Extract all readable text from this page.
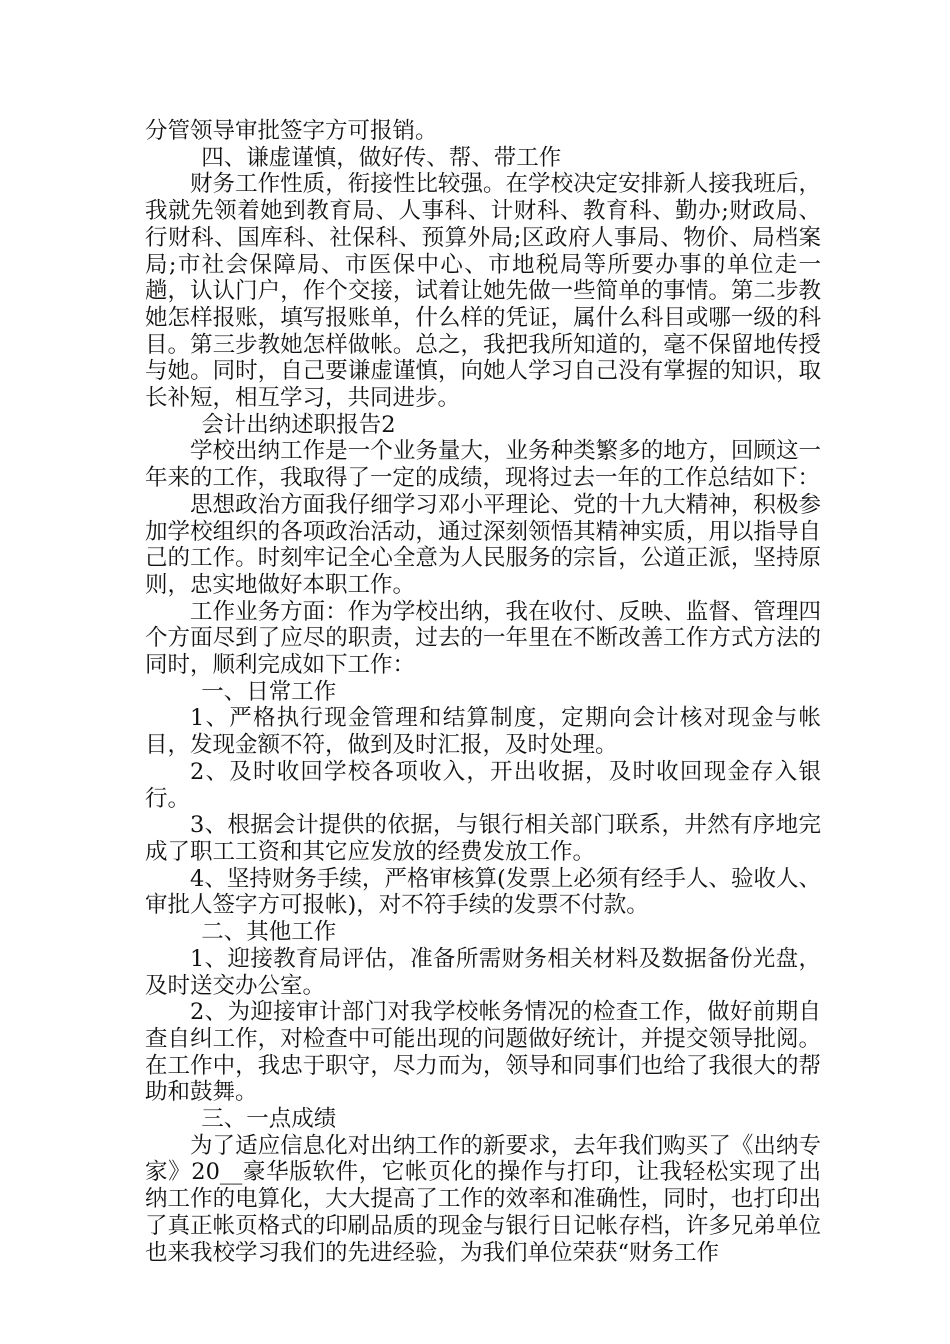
分管领导审批签字方可报销。

四、谦虚谨慎，做好传、帮、带工作

财务工作性质，衔接性比较强。在学校决定安排新人接我班后，我就先领着她到教育局、人事科、计财科、教育科、勤办;财政局、行财科、国库科、社保科、预算外局;区政府人事局、物价、局档案局;市社会保障局、市医保中心、市地税局等所要办事的单位走一趟，认认门户，作个交接，试着让她先做一些简单的事情。第二步教她怎样报账，填写报账单，什么样的凭证，属什么科目或哪一级的科目。第三步教她怎样做帐。总之，我把我所知道的，毫不保留地传授与她。同时，自己要谦虚谨慎，向她人学习自己没有掌握的知识，取长补短，相互学习，共同进步。

会计出纳述职报告2

学校出纳工作是一个业务量大，业务种类繁多的地方，回顾这一年来的工作，我取得了一定的成绩，现将过去一年的工作总结如下：

思想政治方面我仔细学习邓小平理论、党的十九大精神，积极参加学校组织的各项政治活动，通过深刻领悟其精神实质，用以指导自己的工作。时刻牢记全心全意为人民服务的宗旨，公道正派，坚持原则，忠实地做好本职工作。

工作业务方面：作为学校出纳，我在收付、反映、监督、管理四个方面尽到了应尽的职责，过去的一年里在不断改善工作方式方法的同时，顺利完成如下工作：

一、日常工作

1、严格执行现金管理和结算制度，定期向会计核对现金与帐目，发现金额不符，做到及时汇报，及时处理。

2、及时收回学校各项收入，开出收据，及时收回现金存入银行。

3、根据会计提供的依据，与银行相关部门联系，井然有序地完成了职工工资和其它应发放的经费发放工作。

4、坚持财务手续，严格审核算(发票上必须有经手人、验收人、审批人签字方可报帐)，对不符手续的发票不付款。

二、其他工作

1、迎接教育局评估，准备所需财务相关材料及数据备份光盘，及时送交办公室。

2、为迎接审计部门对我学校帐务情况的检查工作，做好前期自查自纠工作，对检查中可能出现的问题做好统计，并提交领导批阅。在工作中，我忠于职守，尽力而为，领导和同事们也给了我很大的帮助和鼓舞。

三、一点成绩

为了适应信息化对出纳工作的新要求，去年我们购买了《出纳专家》20__豪华版软件，它帐页化的操作与打印，让我轻松实现了出纳工作的电算化，大大提高了工作的效率和准确性，同时，也打印出了真正帐页格式的印刷品质的现金与银行日记帐存档，许多兄弟单位也来我校学习我们的先进经验，为我们单位荣获“财务工作
